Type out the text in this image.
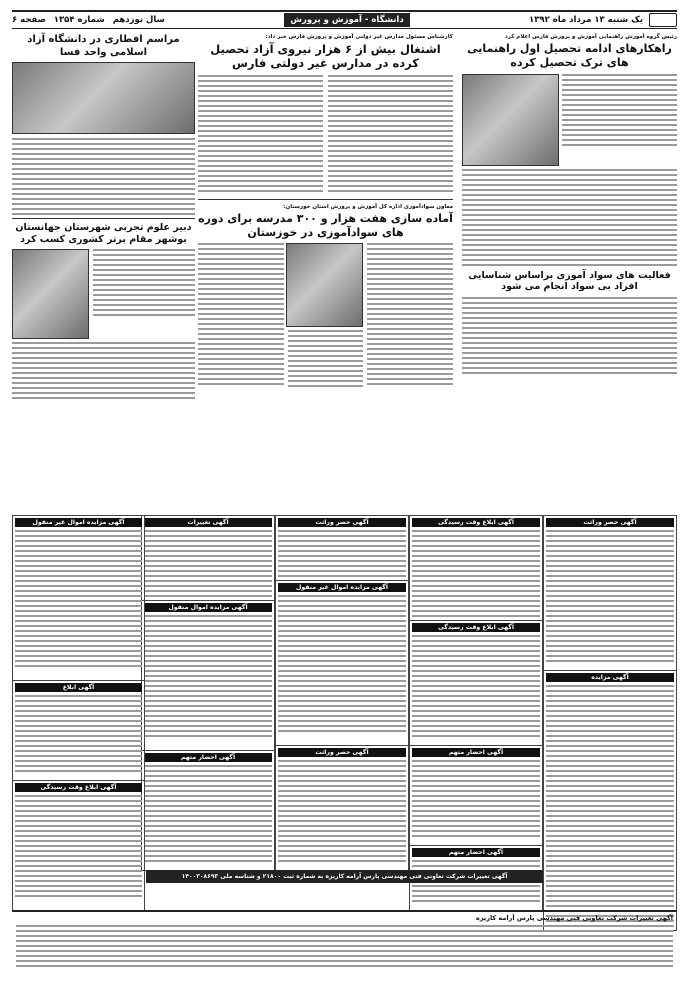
یک شنبه ۱۳ مرداد ماه ۱۳۹۲
دانشگاه - آموزش و پرورش
سال نوزدهم
شماره ۱۳۵۴
صفحه ۶
رئیس گروه آموزش راهنمایی آموزش و پرورش فارس اعلام کرد
راهکارهای ادامه تحصیل اول راهنمایی های ترک تحصیل کرده
فعالیت های سواد آموزی براساس شناسایی افراد بی سواد انجام می شود
کارشناس مسئول مدارس غیر دولتی آموزش و پرورش فارس خبر داد:
اشتغال بیش از ۶ هزار نیروی آزاد تحصیل کرده در مدارس غیر دولتی فارس
معاون سوادآموزی اداره کل آموزش و پرورش استان خوزستان:
آماده سازی هفت هزار و ۳۰۰ مدرسه برای دوره های سوادآموزی در خوزستان
مراسم افطاری در دانشگاه آزاد اسلامی واحد فسا
دبیر علوم تجربی شهرستان جهانستان بوشهر مقام برتر کشوری کسب کرد
آگهی حصر وراثت
آگهی مزایده
آگهی ابلاغ وقت رسیدگی
آگهی ابلاغ وقت رسیدگی
آگهی احضار متهم
آگهی احضار متهم
آگهی حصر وراثت
آگهی مزایده اموال غیر منقول
آگهی حصر وراثت
آگهی تغییرات
آگهی مزایده اموال منقول
آگهی احضار متهم
آگهی مزایده اموال غیر منقول
آگهی ابلاغ
آگهی ابلاغ وقت رسیدگی
آگهی تغییرات شرکت تعاونی فنی مهندسی پارس آرامه کاریزه به شماره ثبت ۲۱۸۰۰ و شناسه ملی ۱۴۰۰۳۰۸۶۹۳
آگهی تغییرات شرکت تعاونی فنی مهندسی پارس آرامه کاریزه
